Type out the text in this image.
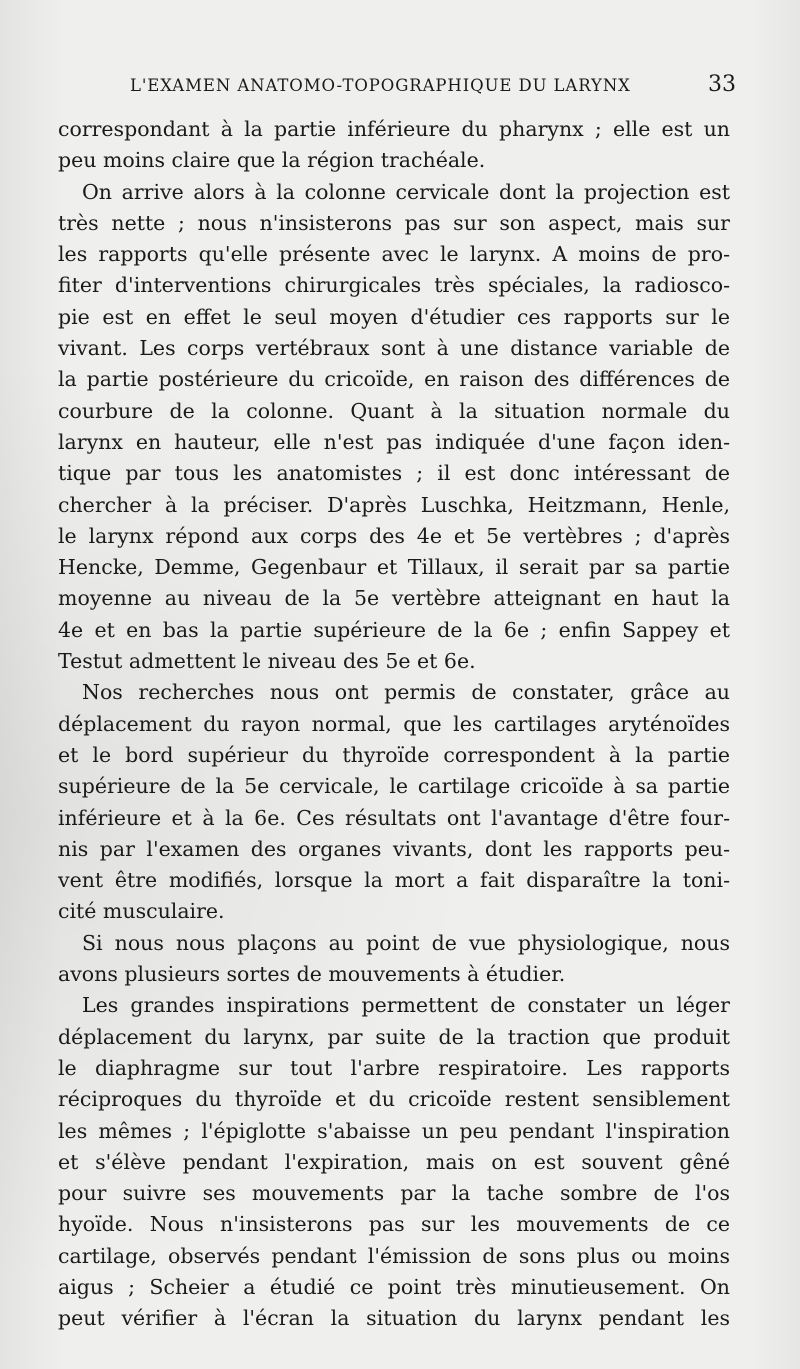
L'EXAMEN ANATOMO-TOPOGRAPHIQUE DU LARYNX	33
correspondant à la partie inférieure du pharynx ; elle est un
peu moins claire que la région trachéale.
On arrive alors à la colonne cervicale dont la projection est
très nette ; nous n'insisterons pas sur son aspect, mais sur
les rapports qu'elle présente avec le larynx. A moins de pro-
fiter d'interventions chirurgicales très spéciales, la radiosco-
pie est en effet le seul moyen d'étudier ces rapports sur le
vivant. Les corps vertébraux sont à une distance variable de
la partie postérieure du cricoïde, en raison des différences de
courbure de la colonne. Quant à la situation normale du
larynx en hauteur, elle n'est pas indiquée d'une façon iden-
tique par tous les anatomistes ; il est donc intéressant de
chercher à la préciser. D'après Luschka, Heitzmann, Henle,
le larynx répond aux corps des 4e et 5e vertèbres ; d'après
Hencke, Demme, Gegenbaur et Tillaux, il serait par sa partie
moyenne au niveau de la 5e vertèbre atteignant en haut la
4e et en bas la partie supérieure de la 6e ; enfin Sappey et
Testut admettent le niveau des 5e et 6e.
Nos recherches nous ont permis de constater, grâce au
déplacement du rayon normal, que les cartilages aryténoïdes
et le bord supérieur du thyroïde correspondent à la partie
supérieure de la 5e cervicale, le cartilage cricoïde à sa partie
inférieure et à la 6e. Ces résultats ont l'avantage d'être four-
nis par l'examen des organes vivants, dont les rapports peu-
vent être modifiés, lorsque la mort a fait disparaître la toni-
cité musculaire.
Si nous nous plaçons au point de vue physiologique, nous
avons plusieurs sortes de mouvements à étudier.
Les grandes inspirations permettent de constater un léger
déplacement du larynx, par suite de la traction que produit
le diaphragme sur tout l'arbre respiratoire. Les rapports
réciproques du thyroïde et du cricoïde restent sensiblement
les mêmes ; l'épiglotte s'abaisse un peu pendant l'inspiration
et s'élève pendant l'expiration, mais on est souvent gêné
pour suivre ses mouvements par la tache sombre de l'os
hyoïde. Nous n'insisterons pas sur les mouvements de ce
cartilage, observés pendant l'émission de sons plus ou moins
aigus ; Scheier a étudié ce point très minutieusement. On
peut vérifier à l'écran la situation du larynx pendant les
